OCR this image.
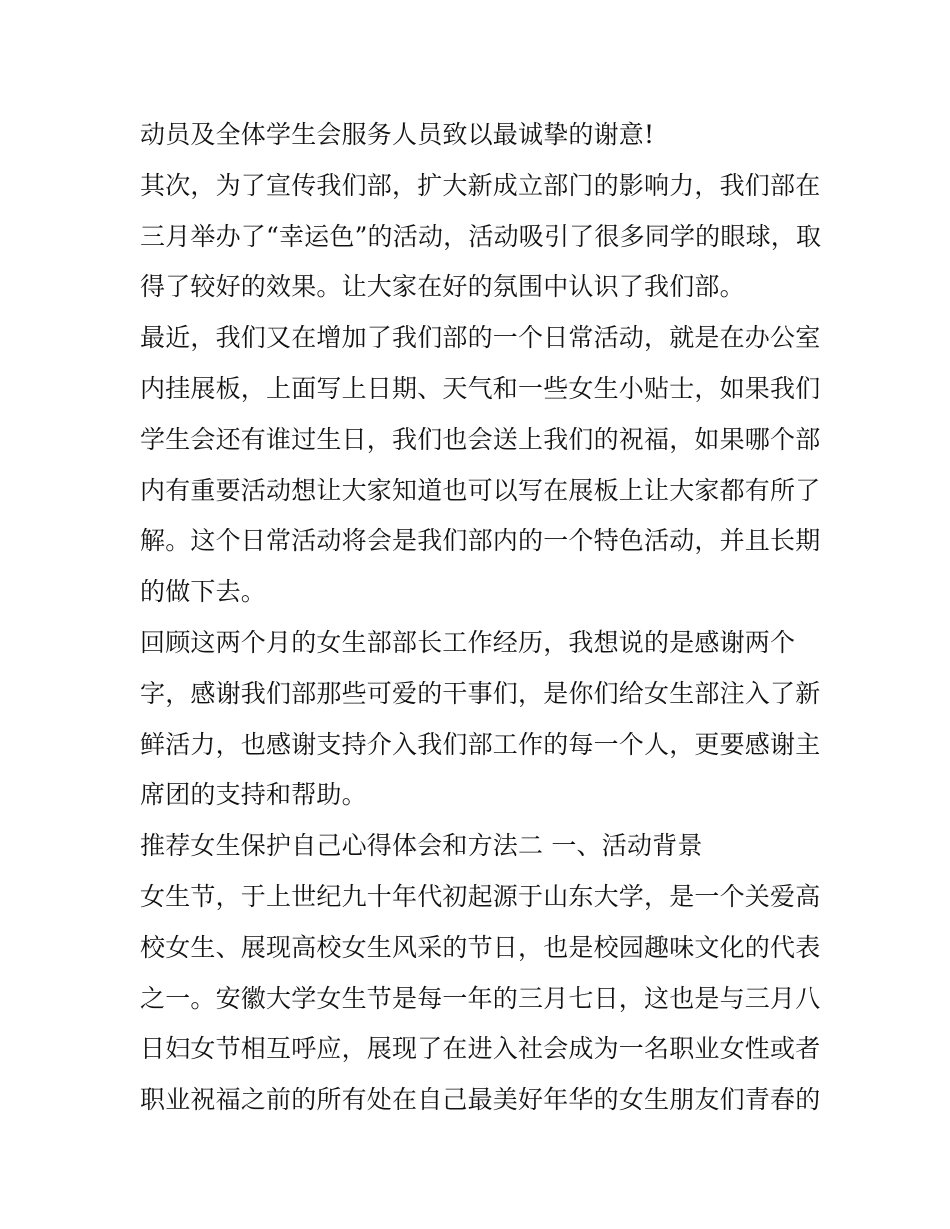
动员及全体学生会服务人员致以最诚挚的谢意!
其次，为了宣传我们部，扩大新成立部门的影响力，我们部在
三月举办了“幸运色”的活动，活动吸引了很多同学的眼球，取
得了较好的效果。让大家在好的氛围中认识了我们部。
最近，我们又在增加了我们部的一个日常活动，就是在办公室
内挂展板，上面写上日期、天气和一些女生小贴士，如果我们
学生会还有谁过生日，我们也会送上我们的祝福，如果哪个部
内有重要活动想让大家知道也可以写在展板上让大家都有所了
解。这个日常活动将会是我们部内的一个特色活动，并且长期
的做下去。
回顾这两个月的女生部部长工作经历，我想说的是感谢两个
字，感谢我们部那些可爱的干事们，是你们给女生部注入了新
鲜活力，也感谢支持介入我们部工作的每一个人，更要感谢主
席团的支持和帮助。
推荐女生保护自己心得体会和方法二 一、活动背景
女生节，于上世纪九十年代初起源于山东大学，是一个关爱高
校女生、展现高校女生风采的节日，也是校园趣味文化的代表
之一。安徽大学女生节是每一年的三月七日，这也是与三月八
日妇女节相互呼应，展现了在进入社会成为一名职业女性或者
职业祝福之前的所有处在自己最美好年华的女生朋友们青春的
